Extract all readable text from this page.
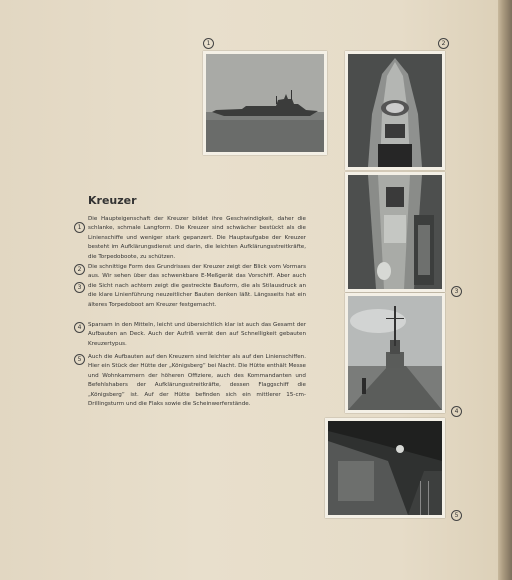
1	2
3
4
5
Kreuzer
1

Die Haupteigenschaft der Kreuzer bildet ihre Geschwindigkeit, daher die schlanke, schmale Langform. Die Kreuzer sind schwächer bestückt als die Linienschiffe und weniger stark gepanzert. Die Hauptaufgabe der Kreuzer besteht im Aufklärungsdienst und darin, die leichten Aufklärungsstreitkräfte, die Torpedoboote, zu schützen.

2
3

Die schnittige Form des Grundrisses der Kreuzer zeigt der Blick vom Vormars aus. Wir sehen über das schwenkbare E-Meßgerät das Vorschiff. Aber auch die Sicht nach achtern zeigt die gestreckte Bauform, die als Stilausdruck an die klare Linienführung neuzeitlicher Bauten denken läßt. Längsseits hat ein älteres Torpedoboot am Kreuzer festgemacht.

4	Sparsam in den Mitteln, leicht und übersichtlich klar ist auch das Gesamt der Aufbauten an Deck. Auch der Aufriß verrät den auf Schnelligkeit gebauten Kreuzertypus.

5	Auch die Aufbauten auf den Kreuzern sind leichter als auf den Linienschiffen. Hier ein Stück der Hütte der „Königsberg“ bei Nacht. Die Hütte enthält Messe und Wohnkammern der höheren Offiziere, auch des Kommandanten und Befehlshabers der Aufklärungsstreitkräfte, dessen Flaggschiff die „Königsberg“ ist. Auf der Hütte befinden sich ein mittlerer 15-cm-Drillingsturm und die Flaks sowie die Scheinwerferstände.
